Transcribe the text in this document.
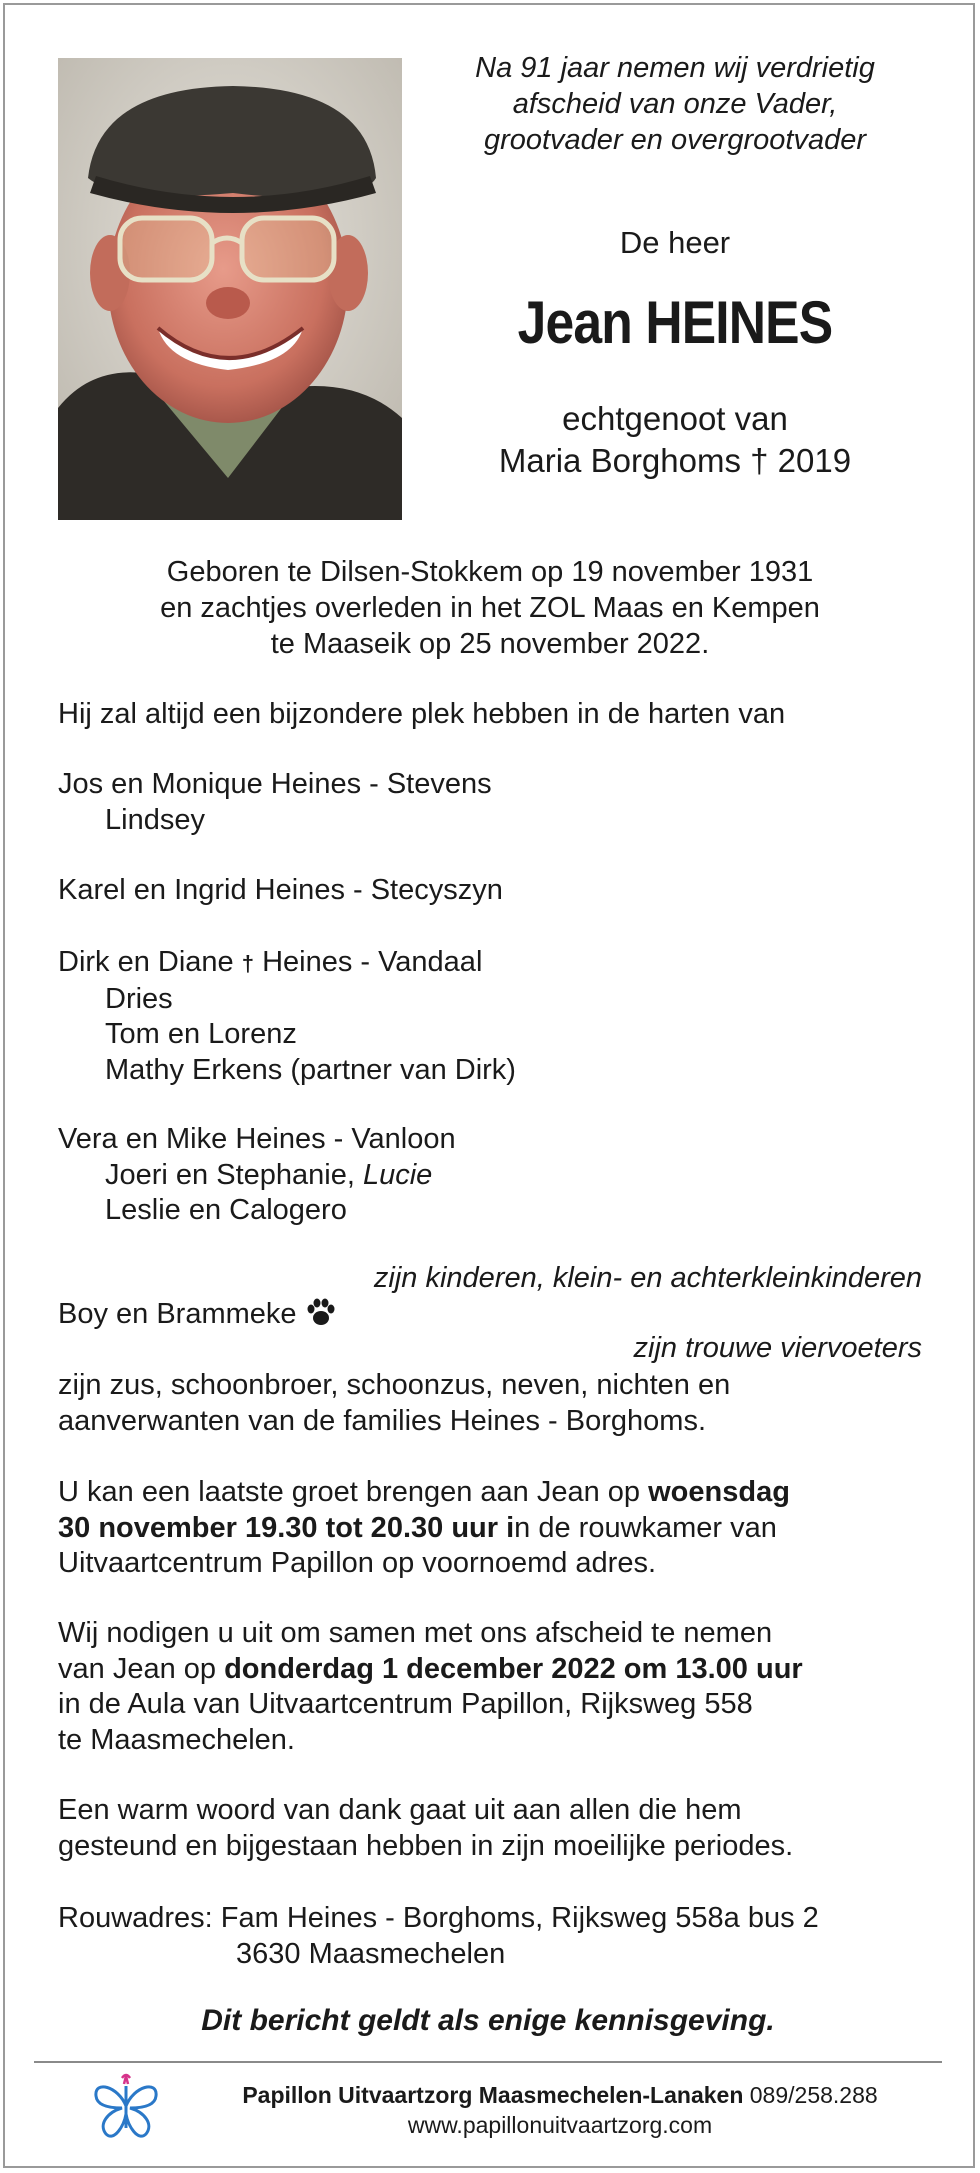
Na 91 jaar nemen wij verdrietig
afscheid van onze Vader,
grootvader en overgrootvader
De heer
Jean HEINES
echtgenoot van
Maria Borghoms † 2019
Geboren te Dilsen-Stokkem op 19 november 1931
en zachtjes overleden in het ZOL Maas en Kempen
te Maaseik op 25 november 2022.
Hij zal altijd een bijzondere plek hebben in de harten van
Jos en Monique Heines - Stevens
Lindsey
Karel en Ingrid Heines - Stecyszyn
Dirk en Diane † Heines - Vandaal
Dries
Tom en Lorenz
Mathy Erkens (partner van Dirk)
Vera en Mike Heines - Vanloon
Joeri en Stephanie, Lucie
Leslie en Calogero
zijn kinderen, klein- en achterkleinkinderen
Boy en Brammeke
zijn trouwe viervoeters
zijn zus, schoonbroer, schoonzus, neven, nichten en
aanverwanten van de families Heines - Borghoms.
U kan een laatste groet brengen aan Jean op woensdag
30 november 19.30 tot 20.30 uur in de rouwkamer van
Uitvaartcentrum Papillon op voornoemd adres.
Wij nodigen u uit om samen met ons afscheid te nemen
van Jean op donderdag 1 december 2022 om 13.00 uur
in de Aula van Uitvaartcentrum Papillon, Rijksweg 558
te Maasmechelen.
Een warm woord van dank gaat uit aan allen die hem
gesteund en bijgestaan hebben in zijn moeilijke periodes.
Rouwadres: Fam Heines - Borghoms, Rijksweg 558a bus 2
3630 Maasmechelen
Dit bericht geldt als enige kennisgeving.
Papillon Uitvaartzorg Maasmechelen-Lanaken 089/258.288
www.papillonuitvaartzorg.com
